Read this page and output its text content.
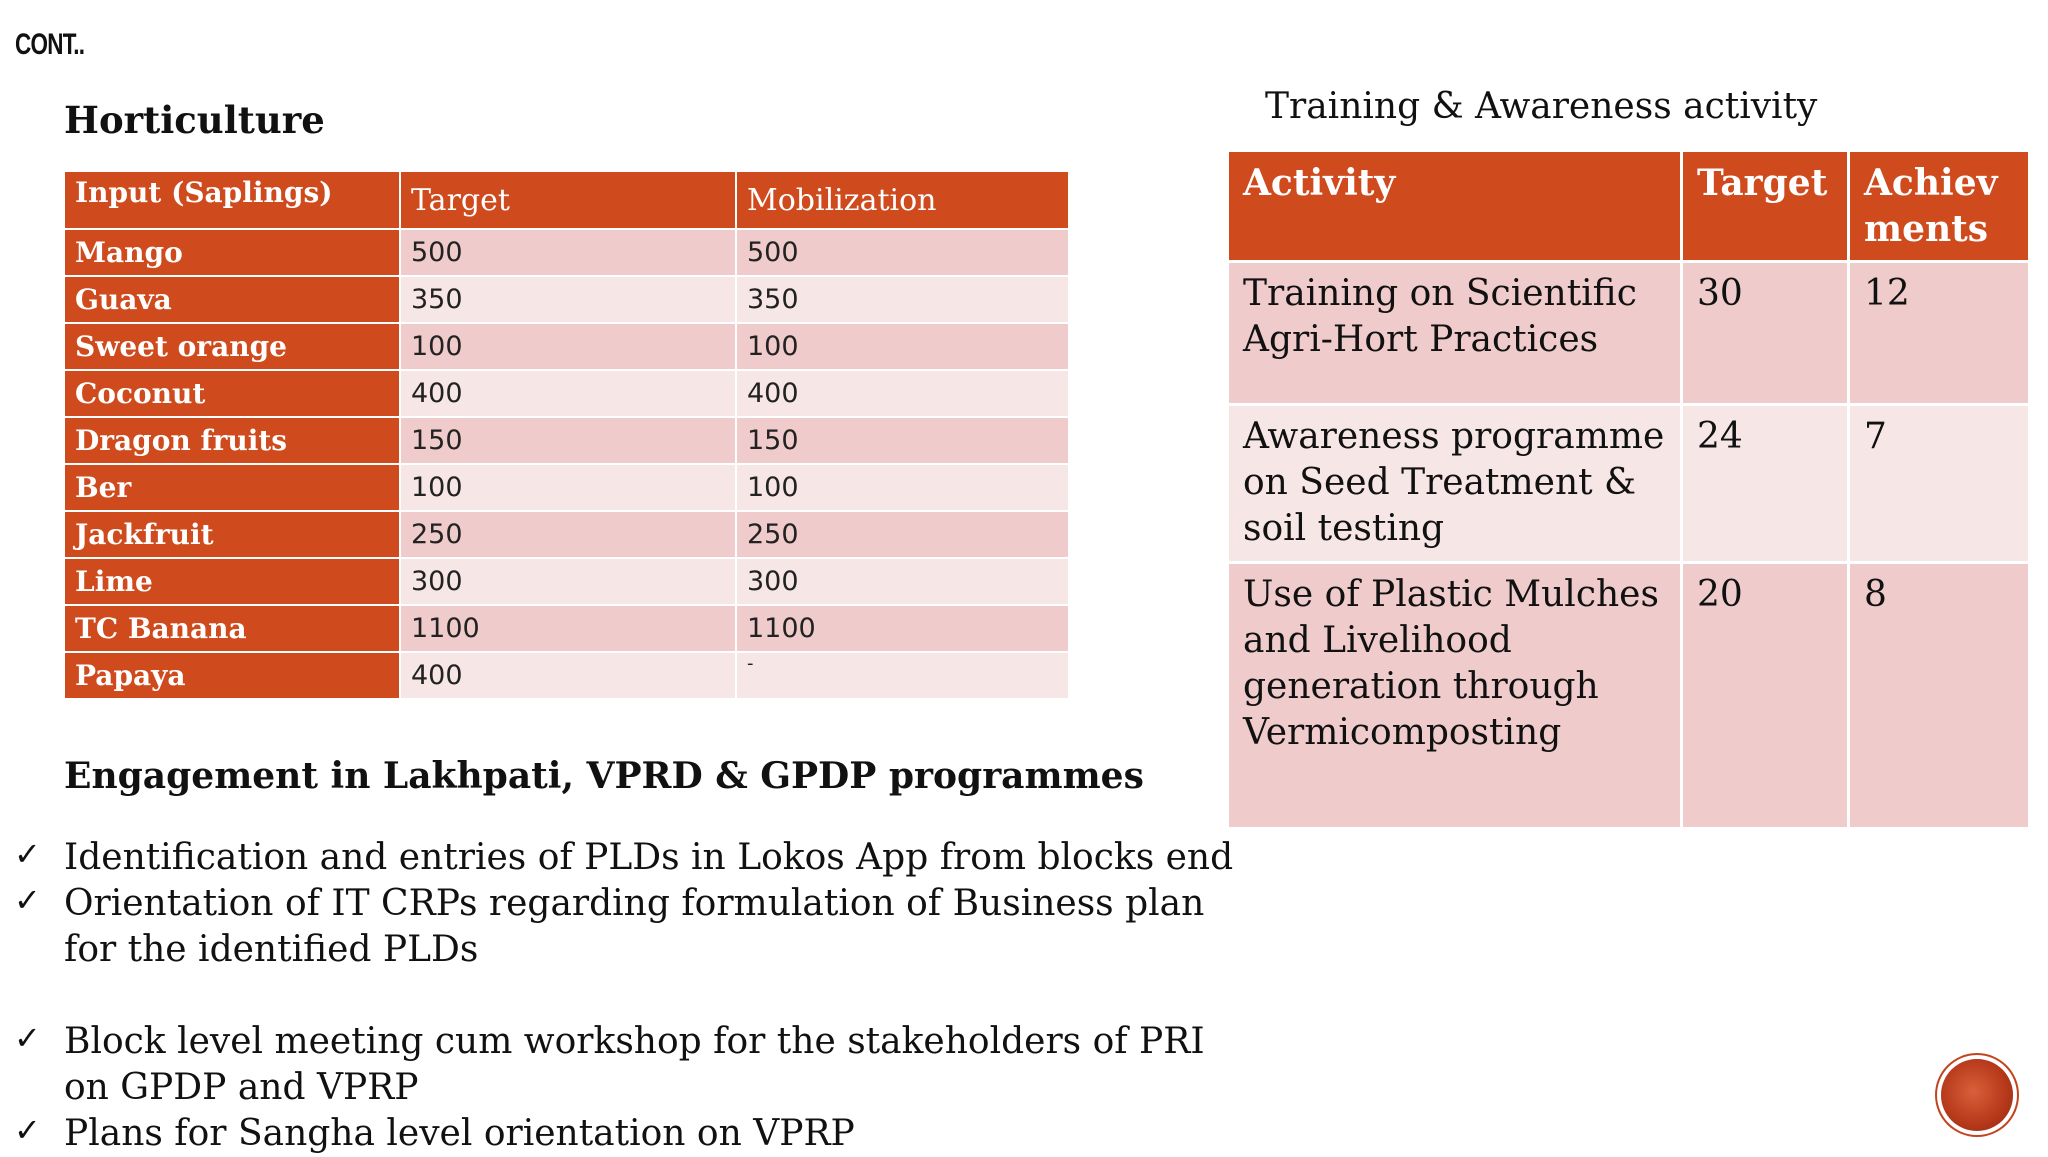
CONT..
Horticulture	Training & Awareness activity
Input (Saplings)	Target	Mobilization
Mango	500	500
Guava	350	350
Sweet orange	100	100
Coconut	400	400
Dragon fruits	150	150
Ber	100	100
Jackfruit	250	250
Lime	300	300
TC Banana	1100	1100
Papaya	400	-
Activity	Target	Achiev ments
Training on Scientific Agri-Hort Practices	30	12
Awareness programme on Seed Treatment & soil testing	24	7
Use of Plastic Mulches and Livelihood generation through Vermicomposting	20	8
Engagement in Lakhpati, VPRD & GPDP programmes
✓ Identification and entries of PLDs in Lokos App from blocks end
✓ Orientation of IT CRPs regarding formulation of Business plan for the identified PLDs
✓ Block level meeting cum workshop for the stakeholders of PRI on GPDP and VPRP
✓ Plans for Sangha level orientation on VPRP
